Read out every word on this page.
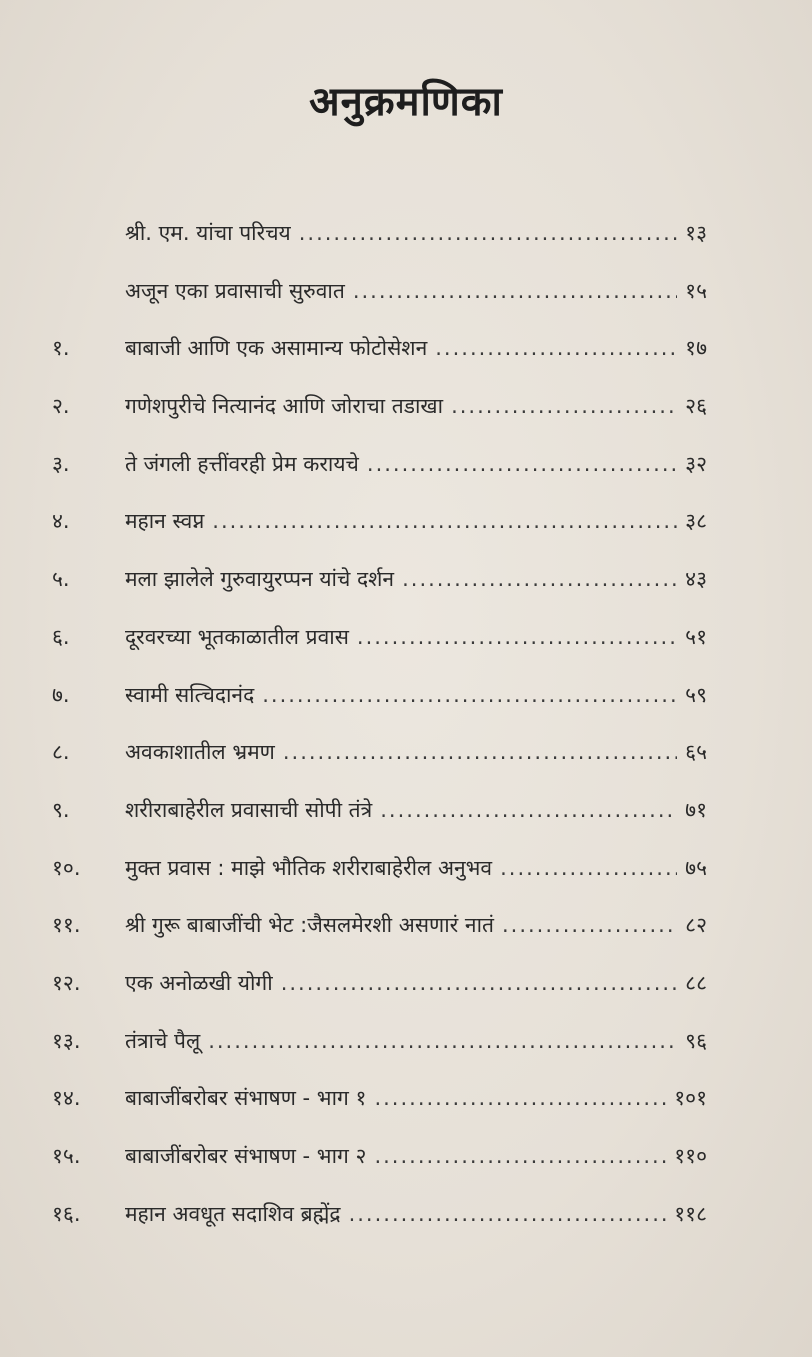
अनुक्रमणिका
श्री. एम. यांचा परिचय .....	१३
अजून एका प्रवासाची सुरुवात .....	१५
१.	बाबाजी आणि एक असामान्य फोटोसेशन .....	१७
२.	गणेशपुरीचे नित्यानंद आणि जोराचा तडाखा .....	२६
३.	ते जंगली हत्तींवरही प्रेम करायचे .....	३२
४.	महान स्वप्न .....	३८
५.	मला झालेले गुरुवायुरप्पन यांचे दर्शन .....	४३
६.	दूरवरच्या भूतकाळातील प्रवास .....	५१
७.	स्वामी सत्चिदानंद .....	५९
८.	अवकाशातील भ्रमण .....	६५
९.	शरीराबाहेरील प्रवासाची सोपी तंत्रे .....	७१
१०.	मुक्त प्रवास : माझे भौतिक शरीराबाहेरील अनुभव .....	७५
११.	श्री गुरू बाबाजींची भेट :जैसलमेरशी असणारं नातं .....	८२
१२.	एक अनोळखी योगी .....	८८
१३.	तंत्राचे पैलू .....	९६
१४.	बाबाजींबरोबर संभाषण - भाग १ .....	१०१
१५.	बाबाजींबरोबर संभाषण - भाग २ .....	११०
१६.	महान अवधूत सदाशिव ब्रह्मेंद्र .....	११८
